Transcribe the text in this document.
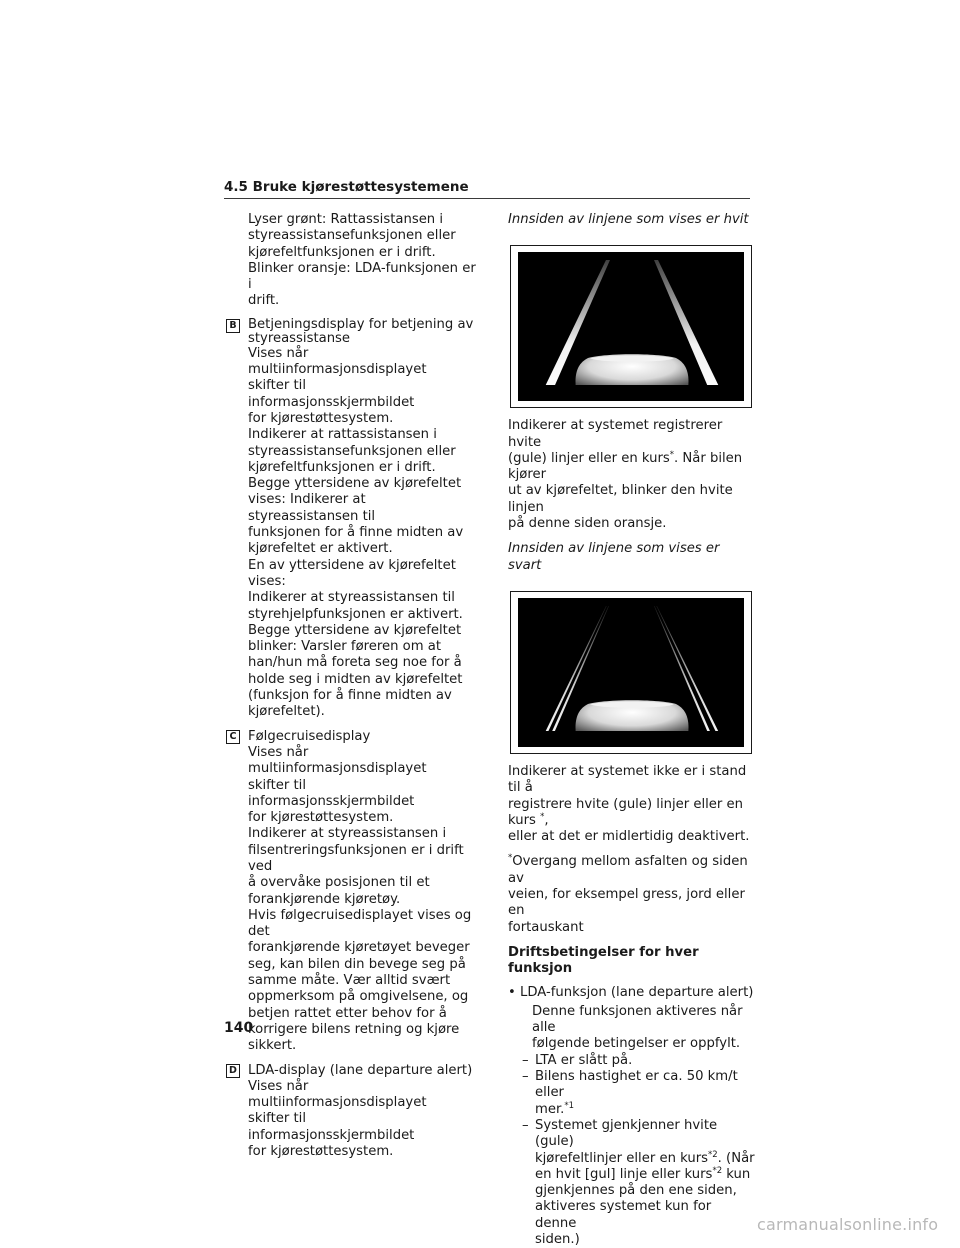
4.5 Bruke kjørestøttesystemene
Lyser grønt: Rattassistansen i
styreassistansefunksjonen eller
kjørefeltfunksjonen er i drift.
Blinker oransje: LDA-funksjonen er i
drift.
B Betjeningsdisplay for betjening av
styreassistanse
Vises når multiinformasjonsdisplayet
skifter til informasjonsskjermbildet
for kjørestøttesystem.
Indikerer at rattassistansen i
styreassistansefunksjonen eller
kjørefeltfunksjonen er i drift.
Begge yttersidene av kjørefeltet
vises: Indikerer at styreassistansen til
funksjonen for å finne midten av
kjørefeltet er aktivert.
En av yttersidene av kjørefeltet vises:
Indikerer at styreassistansen til
styrehjelpfunksjonen er aktivert.
Begge yttersidene av kjørefeltet
blinker: Varsler føreren om at
han/hun må foreta seg noe for å
holde seg i midten av kjørefeltet
(funksjon for å finne midten av
kjørefeltet).
C Følgecruisedisplay
Vises når multiinformasjonsdisplayet
skifter til informasjonsskjermbildet
for kjørestøttesystem.
Indikerer at styreassistansen i
filsentreringsfunksjonen er i drift ved
å overvåke posisjonen til et
forankjørende kjøretøy.
Hvis følgecruisedisplayet vises og det
forankjørende kjøretøyet beveger
seg, kan bilen din bevege seg på
samme måte. Vær alltid svært
oppmerksom på omgivelsene, og
betjen rattet etter behov for å
korrigere bilens retning og kjøre
sikkert.
D LDA-display (lane departure alert)
Vises når multiinformasjonsdisplayet
skifter til informasjonsskjermbildet
for kjørestøttesystem.
Innsiden av linjene som vises er hvit
Indikerer at systemet registrerer hvite
(gule) linjer eller en kurs*. Når bilen kjører
ut av kjørefeltet, blinker den hvite linjen
på denne siden oransje.
Innsiden av linjene som vises er svart
Indikerer at systemet ikke er i stand til å
registrere hvite (gule) linjer eller en kurs *,
eller at det er midlertidig deaktivert.
*Overgang mellom asfalten og siden av
veien, for eksempel gress, jord eller en
fortauskant
Driftsbetingelser for hver funksjon
• LDA-funksjon (lane departure alert)
Denne funksjonen aktiveres når alle
følgende betingelser er oppfylt.
– LTA er slått på.
– Bilens hastighet er ca. 50 km/t eller
mer.$^{*1}$
– Systemet gjenkjenner hvite (gule)
kjørefeltlinjer eller en kurs$^{*2}$. (Når
en hvit [gul] linje eller kurs$^{*2}$ kun
gjenkjennes på den ene siden,
aktiveres systemet kun for denne
siden.)
140
carmanualsonline.info
